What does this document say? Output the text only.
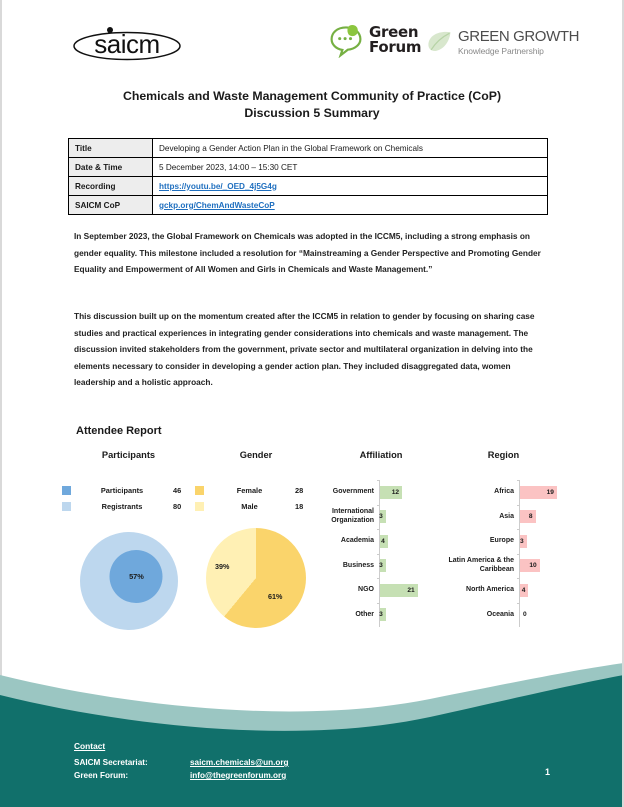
saicm	Green
Forum
GREEN GROWTH
Knowledge Partnership
Chemicals and Waste Management Community of Practice (CoP)
Discussion 5 Summary
Title	Developing a Gender Action Plan in the Global Framework on Chemicals
Date & Time	5 December 2023, 14:00 – 15:30 CET
Recording	https://youtu.be/_OED_4j5G4g
SAICM CoP	gckp.org/ChemAndWasteCoP
In September 2023, the Global Framework on Chemicals was adopted in the ICCM5, including a strong emphasis on gender equality. This milestone included a resolution for “Mainstreaming a Gender Perspective and Promoting Gender Equality and Empowerment of All Women and Girls in Chemicals and Waste Management.”
This discussion built up on the momentum created after the ICCM5 in relation to gender by focusing on sharing case studies and practical experiences in integrating gender considerations into chemicals and waste management. The discussion invited stakeholders from the government, private sector and multilateral organization in delving into the elements necessary to consider in developing a gender action plan. They included disaggregated data, women leadership and a holistic approach.
Attendee Report
Participants
Participants	46
Registrants	80
57%
Gender
Female	28
Male	18
61%
39%
Affiliation
Government	12
International Organization 3
Academia	4
Business 3
NGO	21
Other 3
Region
Africa	19
Asia	8
Europe 3
Latin America & the Caribbean	10
North America	4
Oceania	0
Contact
SAICM Secretariat:	saicm.chemicals@un.org
Green Forum:	info@thegreenforum.org	1
